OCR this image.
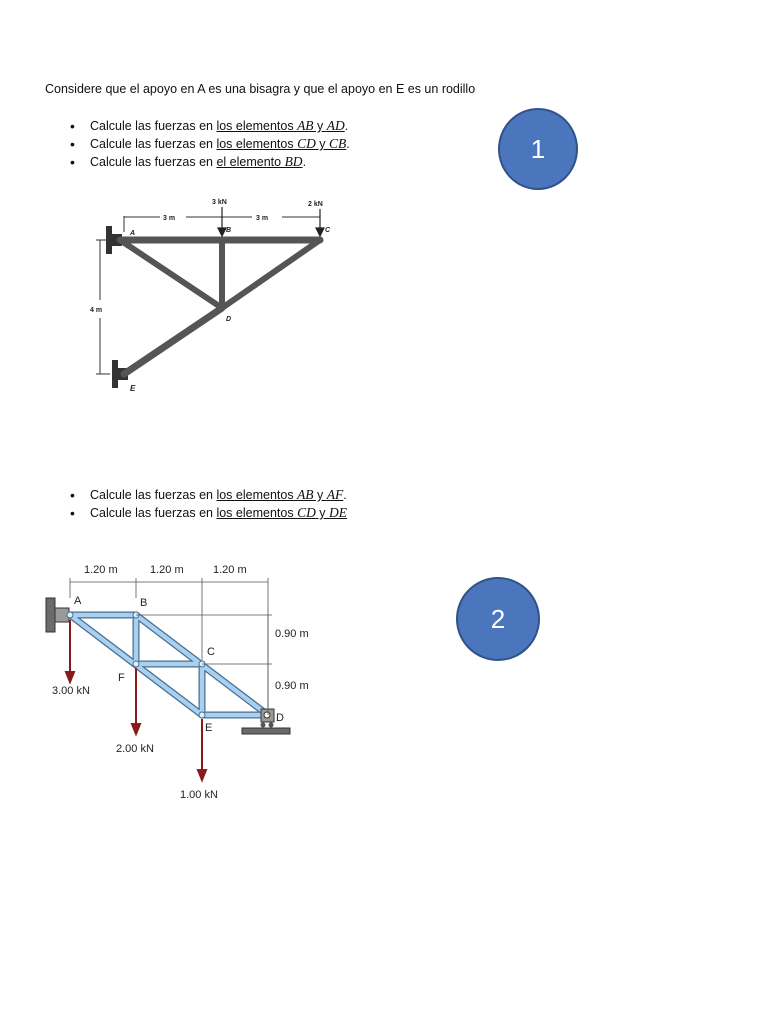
Considere que el apoyo en A es una bisagra y que el apoyo en E es un rodillo
• Calcule las fuerzas en los elementos AB y AD.
• Calcule las fuerzas en los elementos CD y CB.
• Calcule las fuerzas en el elemento BD.	1
A	B	C
D
E
3 m	3 m
4 m
3 kN	2 kN
• Calcule las fuerzas en los elementos AB y AF.
• Calcule las fuerzas en los elementos CD y DE
2
A	B
C
D
E
F
1.20 m	1.20 m	1.20 m
0.90 m
0.90 m
3.00 kN
2.00 kN
1.00 kN
